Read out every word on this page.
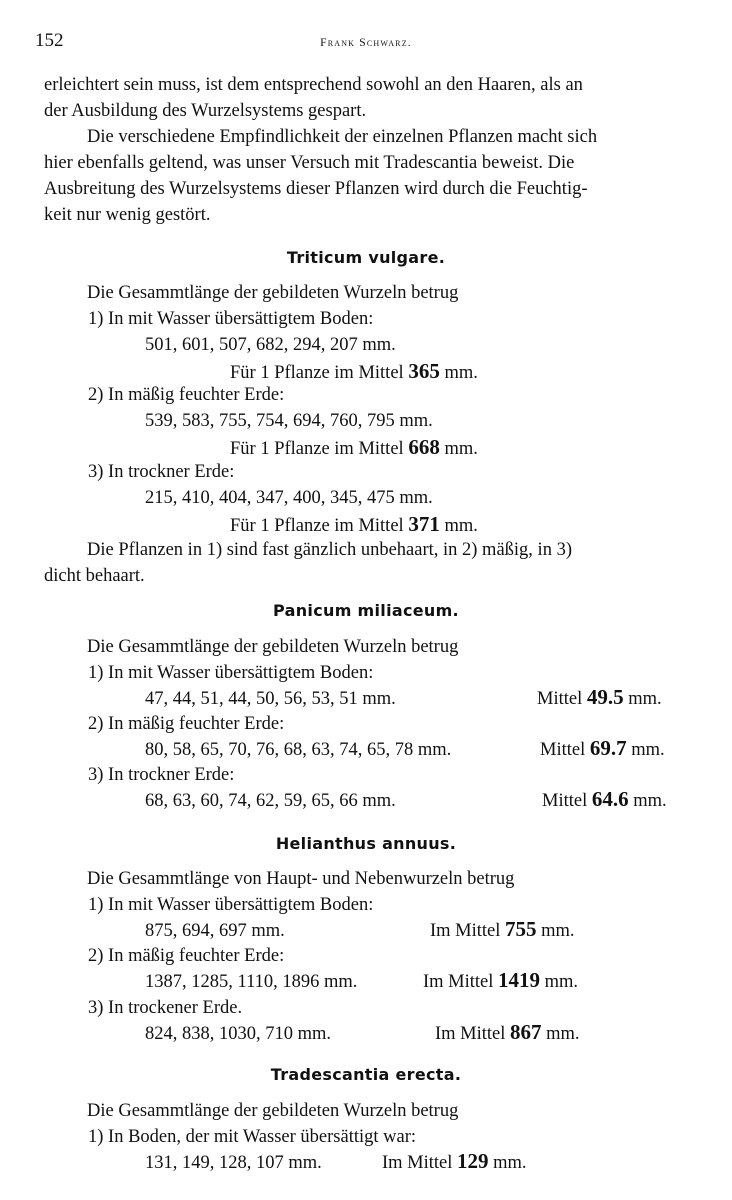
152	Frank Schwarz.
erleichtert sein muss, ist dem entsprechend sowohl an den Haaren, als an
der Ausbildung des Wurzelsystems gespart.
Die verschiedene Empfindlichkeit der einzelnen Pflanzen macht sich
hier ebenfalls geltend, was unser Versuch mit Tradescantia beweist. Die
Ausbreitung des Wurzelsystems dieser Pflanzen wird durch die Feuchtig-
keit nur wenig gestört.
Triticum vulgare.
Die Gesammtlänge der gebildeten Wurzeln betrug
1) In mit Wasser übersättigtem Boden:
501, 601, 507, 682, 294, 207 mm.
Für 1 Pflanze im Mittel 365 mm.
2) In mäßig feuchter Erde:
539, 583, 755, 754, 694, 760, 795 mm.
Für 1 Pflanze im Mittel 668 mm.
3) In trockner Erde:
215, 410, 404, 347, 400, 345, 475 mm.
Für 1 Pflanze im Mittel 371 mm.
Die Pflanzen in 1) sind fast gänzlich unbehaart, in 2) mäßig, in 3)
dicht behaart.
Panicum miliaceum.
Die Gesammtlänge der gebildeten Wurzeln betrug
1) In mit Wasser übersättigtem Boden:
47, 44, 51, 44, 50, 56, 53, 51 mm.	Mittel 49.5 mm.
2) In mäßig feuchter Erde:
80, 58, 65, 70, 76, 68, 63, 74, 65, 78 mm.	Mittel 69.7 mm.
3) In trockner Erde:
68, 63, 60, 74, 62, 59, 65, 66 mm.	Mittel 64.6 mm.
Helianthus annuus.
Die Gesammtlänge von Haupt- und Nebenwurzeln betrug
1) In mit Wasser übersättigtem Boden:
875, 694, 697 mm.	Im Mittel 755 mm.
2) In mäßig feuchter Erde:
1387, 1285, 1110, 1896 mm.	Im Mittel 1419 mm.
3) In trockener Erde.
824, 838, 1030, 710 mm.	Im Mittel 867 mm.
Tradescantia erecta.
Die Gesammtlänge der gebildeten Wurzeln betrug
1) In Boden, der mit Wasser übersättigt war:
131, 149, 128, 107 mm.	Im Mittel 129 mm.
